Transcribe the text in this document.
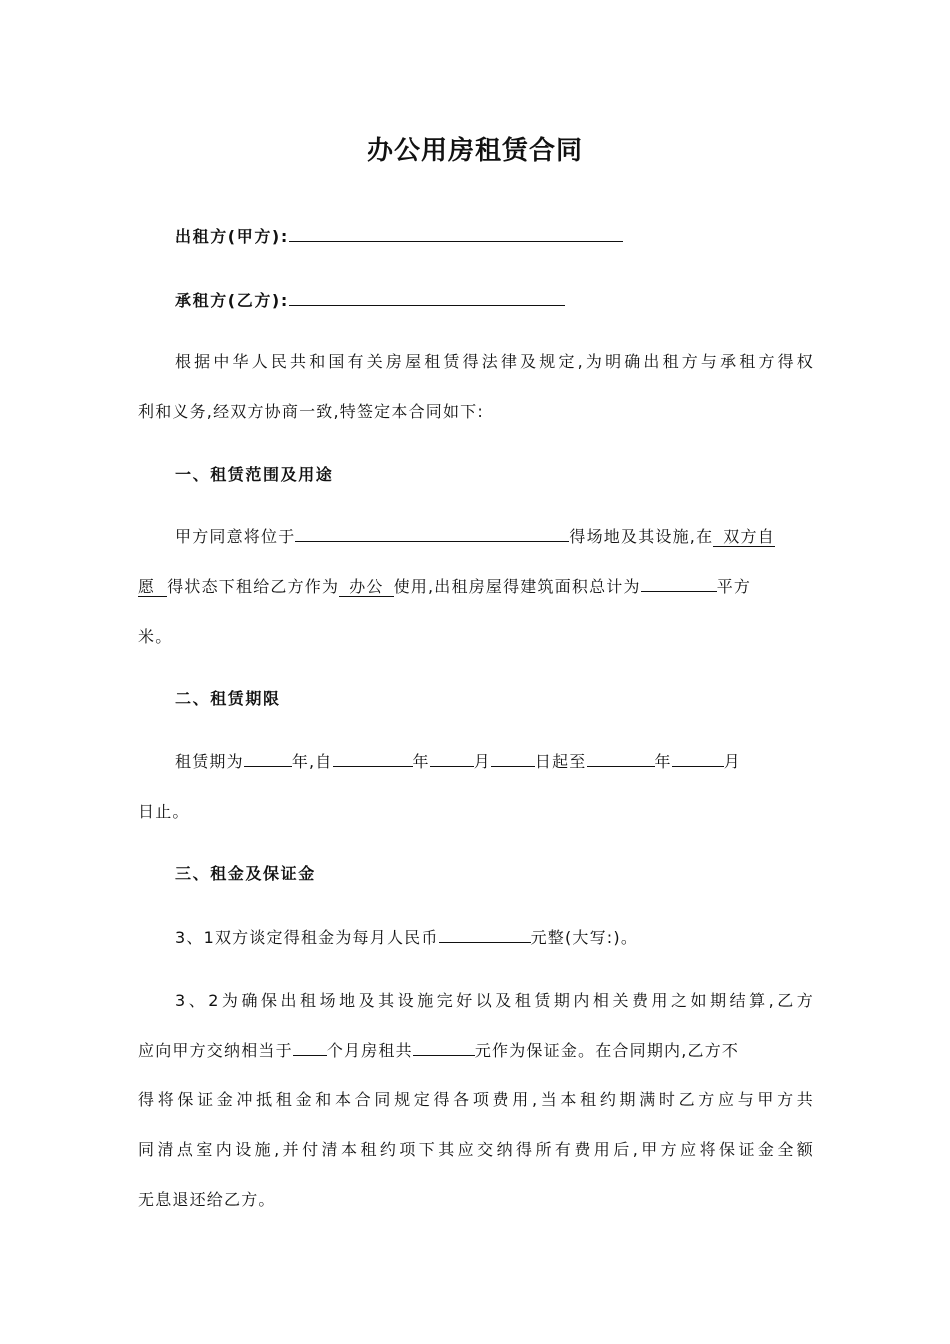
办公用房租赁合同
出租方(甲方):
承租方(乙方):
根据中华人民共和国有关房屋租赁得法律及规定,为明确出租方与承租方得权
利和义务,经双方协商一致,特签定本合同如下:
一、租赁范围及用途
甲方同意将位于	得场地及其设施,在 双方自
愿 得状态下租给乙方作为 办公 使用,出租房屋得建筑面积总计为	平方
米。
二、租赁期限
租赁期为	年,自	年	月	日起至	年	月
日止。
三、租金及保证金
3、1双方谈定得租金为每月人民币	元整(大写:)。
3、2为确保出租场地及其设施完好以及租赁期内相关费用之如期结算,乙方
应向甲方交纳相当于 个月房租共	元作为保证金。在合同期内,乙方不
得将保证金冲抵租金和本合同规定得各项费用,当本租约期满时乙方应与甲方共
同清点室内设施,并付清本租约项下其应交纳得所有费用后,甲方应将保证金全额
无息退还给乙方。
